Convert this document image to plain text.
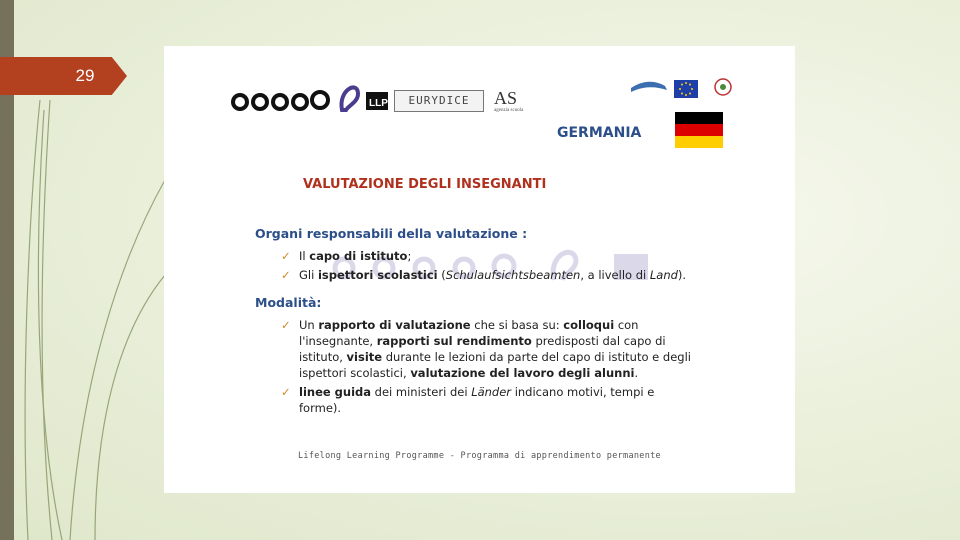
29
LLP	EURYDICE	AS
agenzia scuola
GERMANIA
VALUTAZIONE DEGLI INSEGNANTI
Organi responsabili della valutazione :
✓ Il capo di istituto;
✓ Gli ispettori scolastici (Schulaufsichtsbeamten, a livello di Land).
Modalità:
✓ Un rapporto di valutazione che si basa su: colloqui con l'insegnante, rapporti sul rendimento predisposti dal capo di istituto, visite durante le lezioni da parte del capo di istituto e degli ispettori scolastici, valutazione del lavoro degli alunni.
✓ linee guida dei ministeri dei Länder indicano motivi, tempi e forme).
Lifelong Learning Programme - Programma di apprendimento permanente
